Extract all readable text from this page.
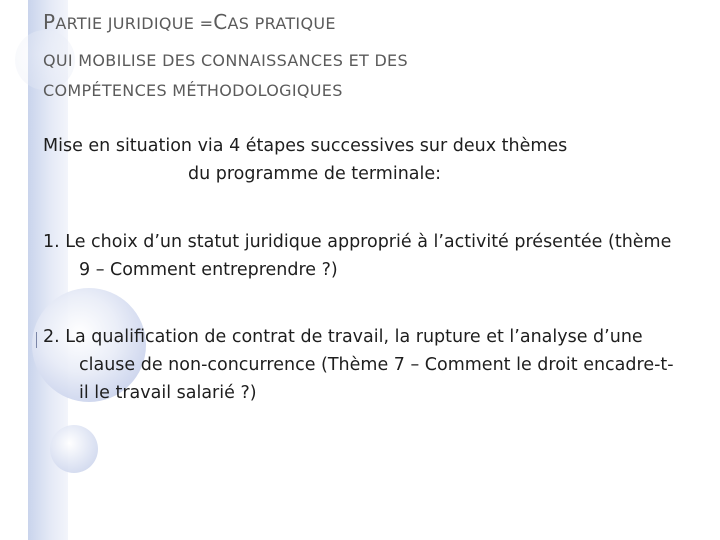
PARTIE JURIDIQUE =CAS PRATIQUE
QUI MOBILISE DES CONNAISSANCES ET DES
COMPÉTENCES MÉTHODOLOGIQUES

Mise en situation via 4 étapes successives sur deux thèmes
du programme de terminale:

1. Le choix d’un statut juridique approprié à l’activité présentée (thème 9 – Comment entreprendre ?)

2. La qualification de contrat de travail, la rupture et l’analyse d’une clause de non-concurrence (Thème 7 – Comment le droit encadre-t-il le travail salarié ?)
